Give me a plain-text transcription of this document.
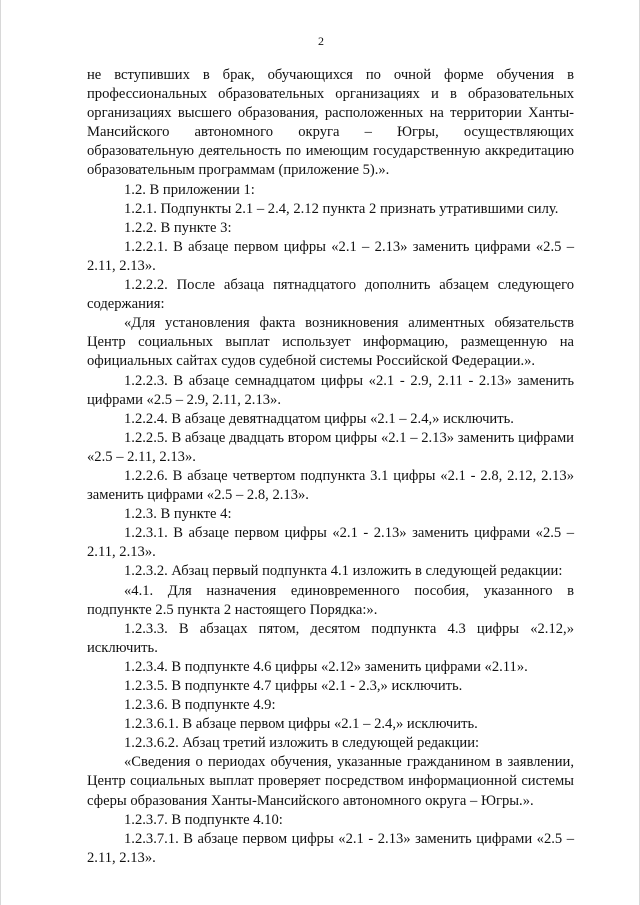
2

не вступивших в брак, обучающихся по очной форме обучения в профессиональных образовательных организациях и в образовательных организациях высшего образования, расположенных на территории Ханты-Мансийского автономного округа – Югры, осуществляющих образовательную деятельность по имеющим государственную аккредитацию образовательным программам (приложение 5).».

1.2. В приложении 1:

1.2.1. Подпункты 2.1 – 2.4, 2.12 пункта 2 признать утратившими силу.

1.2.2. В пункте 3:

1.2.2.1. В абзаце первом цифры «2.1 – 2.13» заменить цифрами «2.5 – 2.11, 2.13».

1.2.2.2. После абзаца пятнадцатого дополнить абзацем следующего содержания:

«Для установления факта возникновения алиментных обязательств Центр социальных выплат использует информацию, размещенную на официальных сайтах судов судебной системы Российской Федерации.».

1.2.2.3. В абзаце семнадцатом цифры «2.1 - 2.9, 2.11 - 2.13» заменить цифрами «2.5 – 2.9, 2.11, 2.13».

1.2.2.4. В абзаце девятнадцатом цифры «2.1 – 2.4,» исключить.

1.2.2.5. В абзаце двадцать втором цифры «2.1 – 2.13» заменить цифрами «2.5 – 2.11, 2.13».

1.2.2.6. В абзаце четвертом подпункта 3.1 цифры «2.1 - 2.8, 2.12, 2.13» заменить цифрами «2.5 – 2.8, 2.13».

1.2.3. В пункте 4:

1.2.3.1. В абзаце первом цифры «2.1 - 2.13» заменить цифрами «2.5 – 2.11, 2.13».

1.2.3.2. Абзац первый подпункта 4.1 изложить в следующей редакции:

«4.1. Для назначения единовременного пособия, указанного в подпункте 2.5 пункта 2 настоящего Порядка:».

1.2.3.3. В абзацах пятом, десятом подпункта 4.3 цифры «2.12,» исключить.

1.2.3.4. В подпункте 4.6 цифры «2.12» заменить цифрами «2.11».

1.2.3.5. В подпункте 4.7 цифры «2.1 - 2.3,» исключить.

1.2.3.6. В подпункте 4.9:

1.2.3.6.1. В абзаце первом цифры «2.1 – 2.4,» исключить.

1.2.3.6.2. Абзац третий изложить в следующей редакции:

«Сведения о периодах обучения, указанные гражданином в заявлении, Центр социальных выплат проверяет посредством информационной системы сферы образования Ханты-Мансийского автономного округа – Югры.».

1.2.3.7. В подпункте 4.10:

1.2.3.7.1. В абзаце первом цифры «2.1 - 2.13» заменить цифрами «2.5 – 2.11, 2.13».
